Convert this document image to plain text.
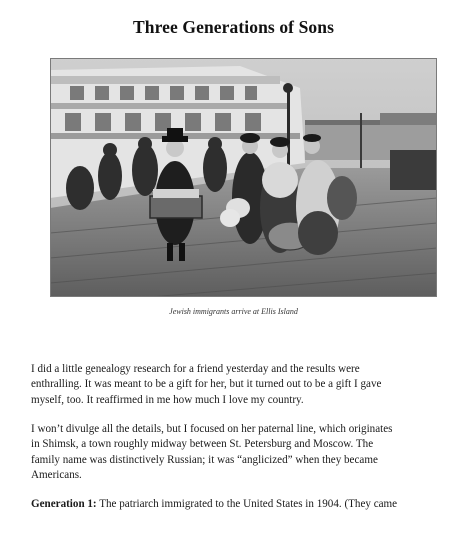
Three Generations of Sons
Jewish immigrants arrive at Ellis Island

I did a little genealogy research for a friend yesterday and the results were
enthralling. It was meant to be a gift for her, but it turned out to be a gift I gave
myself, too. It reaffirmed in me how much I love my country.

I won’t divulge all the details, but I focused on her paternal line, which originates
in Shimsk, a town roughly midway between St. Petersburg and Moscow. The
family name was distinctively Russian; it was “anglicized” when they became
Americans.

Generation 1: The patriarch immigrated to the United States in 1904. (They came
